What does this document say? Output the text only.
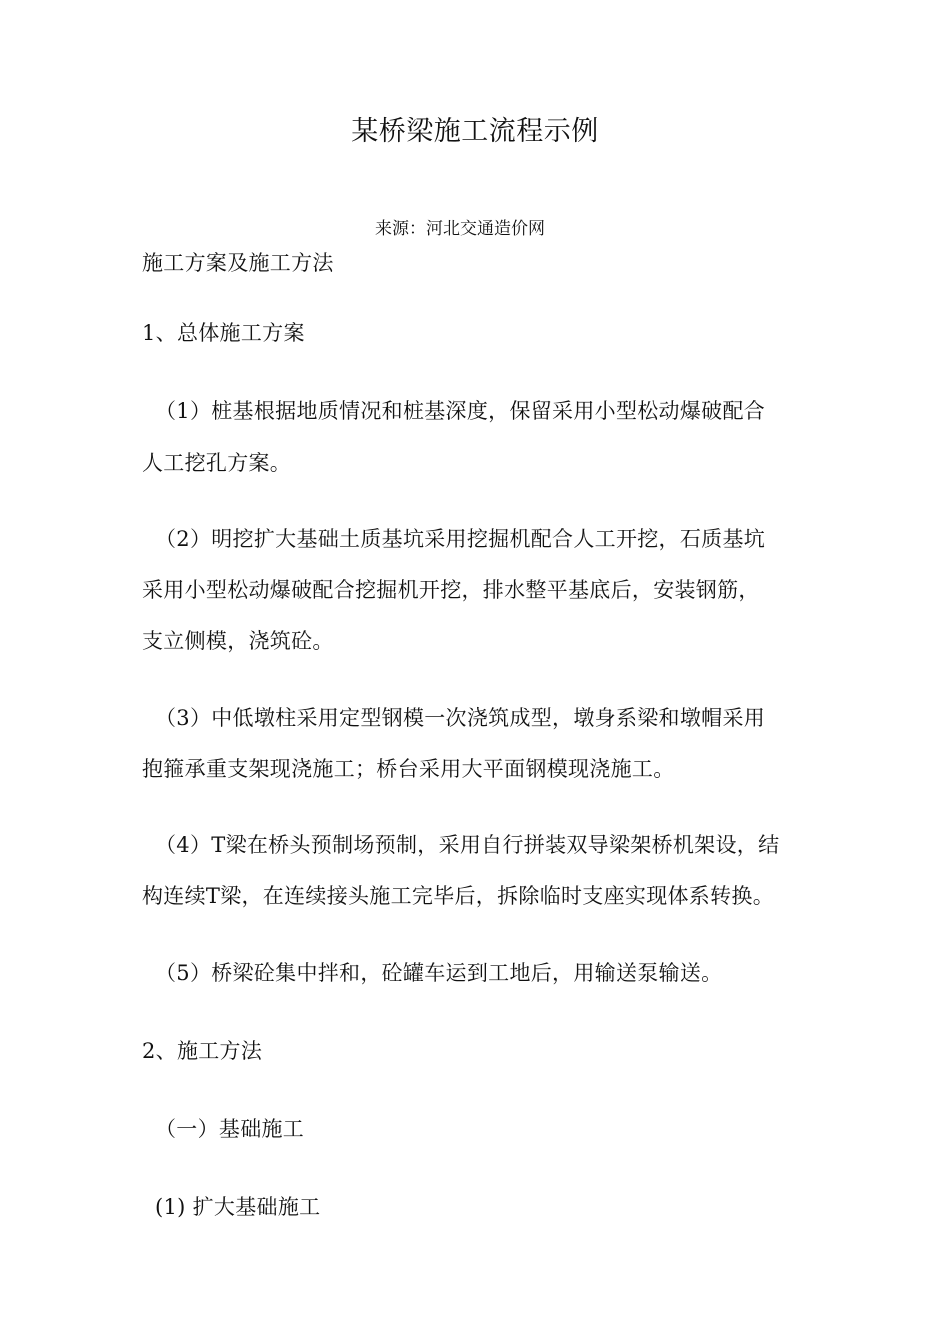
某桥梁施工流程示例
来源：河北交通造价网
施工方案及施工方法
1、总体施工方案
（1）桩基根据地质情况和桩基深度，保留采用小型松动爆破配合
人工挖孔方案。
（2）明挖扩大基础土质基坑采用挖掘机配合人工开挖，石质基坑
采用小型松动爆破配合挖掘机开挖，排水整平基底后，安装钢筋，
支立侧模，浇筑砼。
（3）中低墩柱采用定型钢模一次浇筑成型，墩身系梁和墩帽采用
抱箍承重支架现浇施工；桥台采用大平面钢模现浇施工。
（4）T梁在桥头预制场预制，采用自行拼装双导梁架桥机架设，结
构连续T梁，在连续接头施工完毕后，拆除临时支座实现体系转换。
（5）桥梁砼集中拌和，砼罐车运到工地后，用输送泵输送。
2、施工方法
（一）基础施工
(1) 扩大基础施工
